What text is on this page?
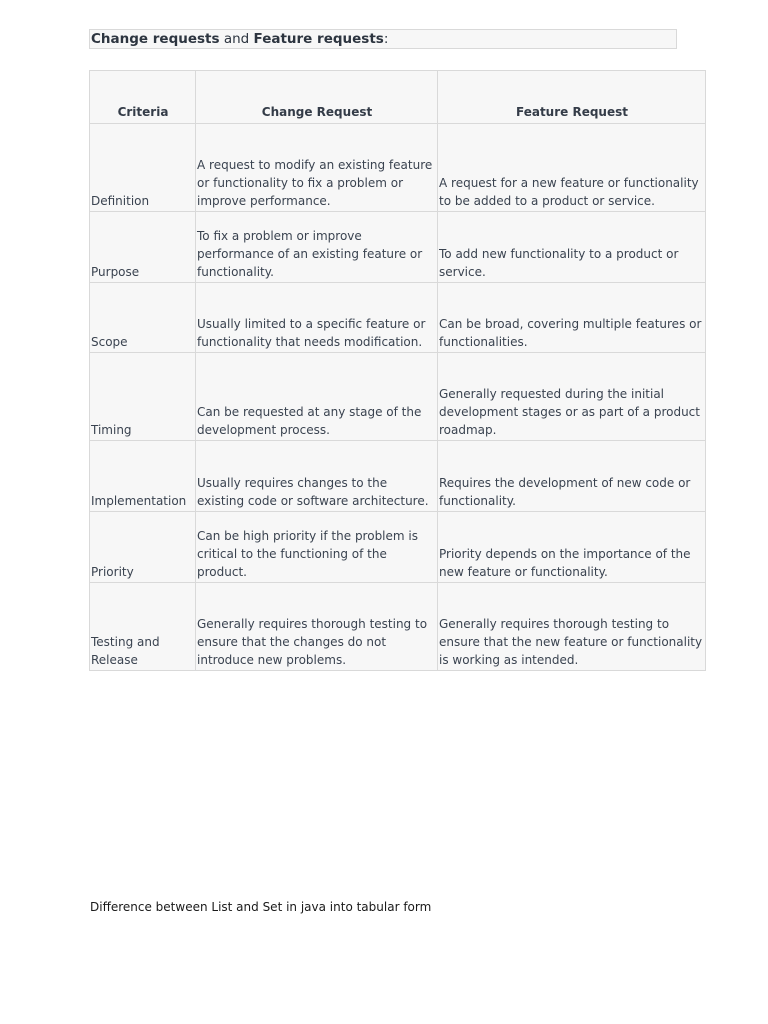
Change requests and Feature requests:
Criteria	Change Request	Feature Request
Definition	A request to modify an existing feature or functionality to fix a problem or improve performance.	A request for a new feature or functionality to be added to a product or service.
Purpose	To fix a problem or improve performance of an existing feature or functionality.	To add new functionality to a product or service.
Scope	Usually limited to a specific feature or functionality that needs modification.	Can be broad, covering multiple features or functionalities.
Timing	Can be requested at any stage of the development process.	Generally requested during the initial development stages or as part of a product roadmap.
Implementation	Usually requires changes to the existing code or software architecture.	Requires the development of new code or functionality.
Priority	Can be high priority if the problem is critical to the functioning of the product.	Priority depends on the importance of the new feature or functionality.
Testing and Release	Generally requires thorough testing to ensure that the changes do not introduce new problems.	Generally requires thorough testing to ensure that the new feature or functionality is working as intended.
Difference between List and Set in java into tabular form
